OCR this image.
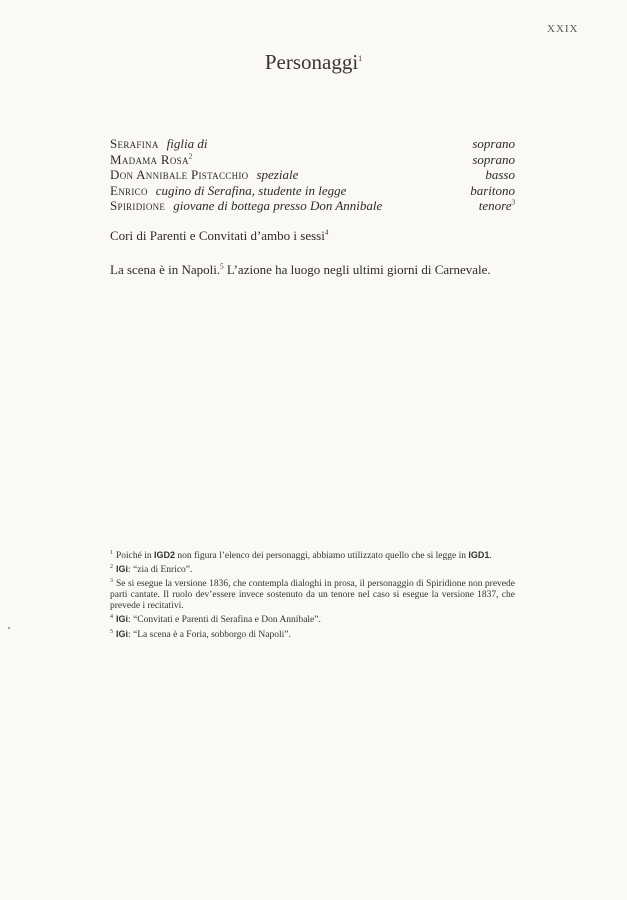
XXIX
Personaggi$^1$
Serafina figlia di	soprano
Madama Rosa$^2$	soprano
Don Annibale Pistacchio speziale	basso
Enrico cugino di Serafina, studente in legge	baritono
Spiridione giovane di bottega presso Don Annibale	tenore$^3$
Cori di Parenti e Convitati d’ambo i sessi$^4$
La scena è in Napoli.$^5$ L’azione ha luogo negli ultimi giorni di Carnevale.

$^1$ Poiché in IGD2 non figura l’elenco dei personaggi, abbiamo utilizzato quello che si legge in IGD1.

$^2$ IGi: “zia di Enrico”.

$^3$ Se si esegue la versione 1836, che contempla dialoghi in prosa, il personaggio di Spiridione non prevede parti cantate. Il ruolo dev’essere invece sostenuto da un tenore nel caso si esegue la versione 1837, che prevede i recitativi.

$^4$ IGi: “Convitati e Parenti di Serafina e Don Annibale”.

$^5$ IGi: “La scena è a Foria, sobborgo di Napoli”.
